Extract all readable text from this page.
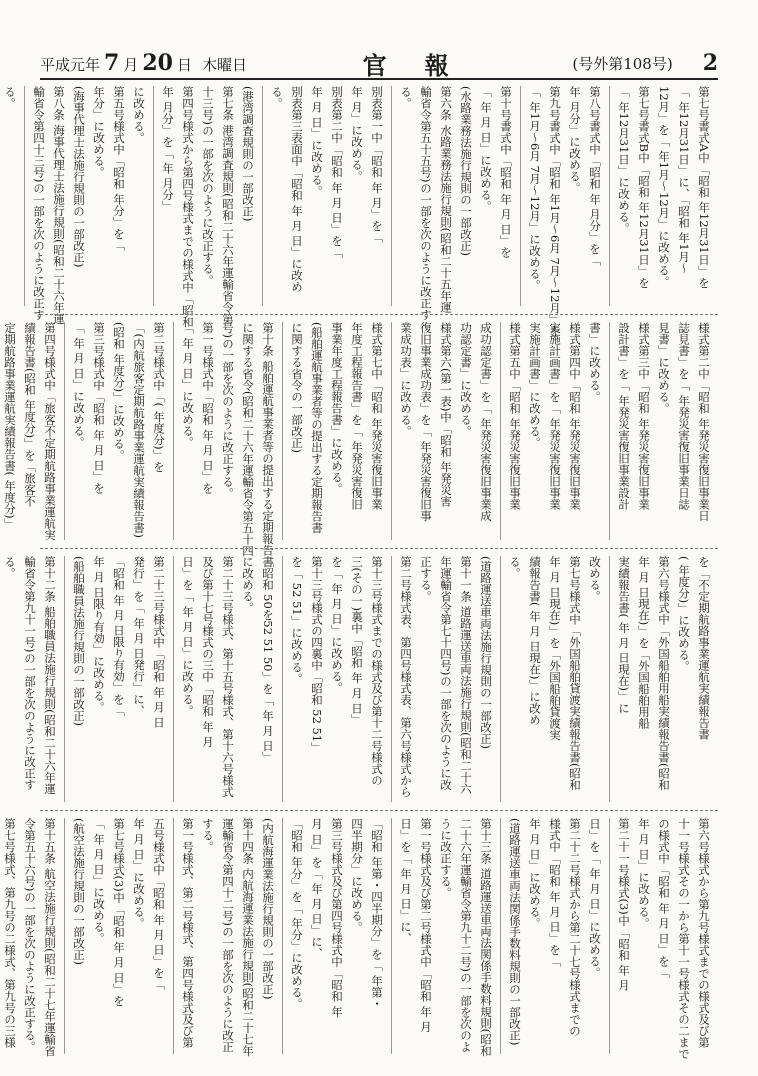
平成元年 7 月 20 日 木曜日	官報	(号外第108号) 2
第七号書式A中「昭和 年12月31日」を
「 年12月31日」に、「昭和 年1月〜
12月」を「 年1月〜12月」に改める。
第七号書式B中「昭和 年12月31日」を
「 年12月31日」に改める。
第八号書式中「昭和 年 月分」を「
年 月分」に改める。
第九号書式中「昭和 年1月〜6月 7月〜12月」を
「 年1月〜6月 7月〜12月」に改める。
第十号書式中「昭和 年 月 日」を
「 年 月 日」に改める。
(水路業務法施行規則の一部改正)
第六条 水路業務法施行規則(昭和二十五年運
輸省令第五十五号)の一部を次のように改正す
る。
別表第一中「昭和 年 月」を「
年 月」に改める。
別表第二中「昭和 年 月 日」を「
年 月 日」に改める。
別表第三表面中「昭和 年 月 日」に改め
る。
(港湾調査規則の一部改正)
第七条 港湾調査規則(昭和二十六年運輸省令第
十三号)の一部を次のように改正する。
第四号様式から第四号様式までの様式中「昭和
年 月分」を「 年 月分」
に改める。
第五号様式中「昭和 年分」を「
年分」に改める。
(海事代理士法施行規則の一部改正)
第八条 海事代理士法施行規則(昭和二十六年運
輸省令第四十三号)の一部を次のように改正す
る。
様式第二中「昭和 年発災害復旧事業日
誌見書」を「 年発災害復旧事業日誌
見書」に改める。
様式第三中「昭和 年発災害復旧事業
設計書」を「 年発災害復旧事業設計
書」に改める。
様式第四中「昭和 年発災害復旧事業
実施計画書」を「 年発災害復旧事業
実施計画書」に改める。
様式第五中「昭和 年発災害復旧事業
成功認定書」を「 年発災害復旧事業成
功認定書」に改める。
様式第六(第一表)中「昭和 年発災害
復旧事業成功表」を「 年発災害復旧事
業成功表」に改める。
様式第七中「昭和 年発災害復旧事業
年度工程報告書」を「 年発災害復旧
事業年度工程報告書」に改める。
(船舶運航事業者等の提出する定期報告書
に関する省令の一部改正)
第十条 船舶運航事業者等の提出する定期報告書
に関する省令(昭和二十六年運輸省令第五十四
号)の一部を次のように改正する。
第一号様式中「昭和 年 月 日」を
「 年 月 日」に改める。
第二号様式中「( 年度分)」を
「(内航旅客定期航路事業運航実績報告書)
(昭和 年度分)」に改める。
第三号様式中「昭和 年 月 日」を
「 年 月 日」に改める。
第四号様式中「旅客不定期航路事業運航実
績報告書(昭和 年度分)」を「旅客不
定期航路事業運航実績報告書( 年度分)」
を「不定期航路事業運航実績報告書
( 年度分)」に改める。
第六号様式中「外国船舶用船実績報告書(昭和
年 月 日現在)」を「外国船舶用船
実績報告書( 年 月 日現在)」に
改める。
第七号様式中「外国船舶貸渡実績報告書(昭和
年 月 日現在)」を「外国船舶貸渡実
績報告書( 年 月 日現在)」に改め
る。
(道路運送車両法施行規則の一部改正)
第十一条 道路運送車両法施行規則(昭和二十六
年運輸省令第七十四号)の一部を次のように改
正する。
第二号様式表、第四号様式表、第六号様式から
第十三号様式までの様式及び第十二号様式の
三(その一)裏中「昭和 年 月 日」
を「 年 月 日」に改める。
第十三号様式の四裏中「昭和 52 51」
を「 52 51」に改める。
「昭和 50を52 51 50」を「 年 月 日」
に改める。
第二十三号様式、第十五号様式、第十六号様式
及び第十七号様式の三中「昭和 年 月
日」を「 年 月 日」に改める。
第二十三号様式中「昭和 年 月 日
発行」を「 年 月 日発行」に、
「昭和 年 月 日限り有効」を「
年 月 日限り有効」に改める。
(船舶職員法施行規則の一部改正)
第十二条 船舶職員法施行規則(昭和二十六年運
輸省令第九十一号)の一部を次のように改正す
る。
第六号様式から第九号様式までの様式及び第
十一号様式その一から第十一号様式その二まで
の様式中「昭和 年 月 日」を「
年 月 日」に改める。
第二十一号様式(3)中「昭和 年 月
日」を「 年 月 日」に改める。
第二十二号様式から第二十七号様式までの
様式中「昭和 年 月 日」を「
年 月 日」に改める。
(道路運送車両法関係手数料規則の一部改正)
第十三条 道路運送車両法関係手数料規則(昭和
二十六年運輸省令第九十二号)の一部を次のよ
うに改正する。
第一号様式及び第二号様式中「昭和 年 月
日」を「 年 月 日」に、
「昭和 年第・四半期分」を「 年第・
四半期分」に改める。
第三号様式及び第四号様式中「昭和 年
月 日」を「 年 月 日」に、
「昭和 年分」を「 年分」に改める。
(内航海運業法施行規則の一部改正)
第十四条 内航海運業法施行規則(昭和二十七年
運輸省令第四十二号)の一部を次のように改正
する。
第一号様式、第二号様式、第四号様式及び第
五号様式中「昭和 年 月 日」を「
年 月 日」に改める。
第七号様式(3)中「昭和 年 月 日」を
「 年 月 日」に改める。
(航空法施行規則の一部改正)
第十五条 航空法施行規則(昭和二十七年運輸省
令第五十六号)の一部を次のように改正する。
第七号様式、第九号の二様式、第九号の三様
